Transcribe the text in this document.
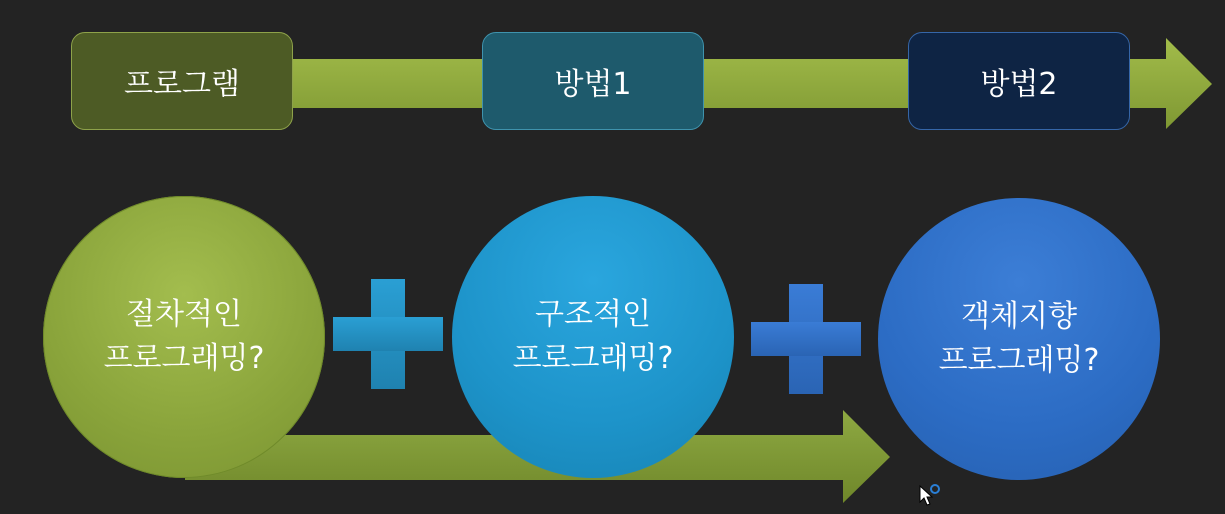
프로그램	방법1	방법2
절차적인
프로그래밍?
구조적인
프로그래밍?
객체지향
프로그래밍?
